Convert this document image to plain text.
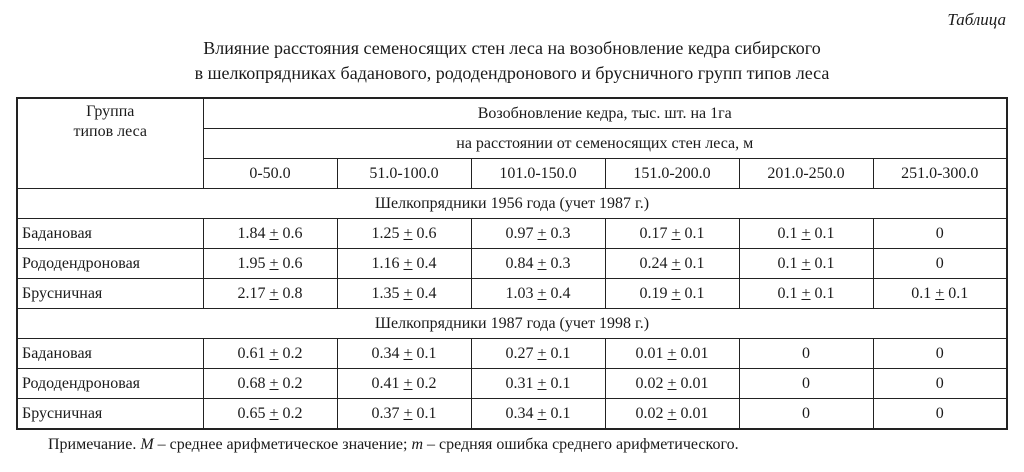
Таблица
Влияние расстояния семеносящих стен леса на возобновление кедра сибирского
в шелкопрядниках баданового, рододендронового и брусничного групп типов леса
Группа
типов леса	Возобновление кедра, тыс. шт. на 1га					
	на расстоянии от семеносящих стен леса, м					
	0-50.0	51.0-100.0	101.0-150.0	151.0-200.0	201.0-250.0	251.0-300.0
Шелкопрядники 1956 года (учет 1987 г.)						
Бадановая	1.84 + 0.6	1.25 + 0.6	0.97 + 0.3	0.17 + 0.1	0.1 + 0.1	0
Рододендроновая	1.95 + 0.6	1.16 + 0.4	0.84 + 0.3	0.24 + 0.1	0.1 + 0.1	0
Брусничная	2.17 + 0.8	1.35 + 0.4	1.03 + 0.4	0.19 + 0.1	0.1 + 0.1	0.1 + 0.1
Шелкопрядники 1987 года (учет 1998 г.)						
Бадановая	0.61 + 0.2	0.34 + 0.1	0.27 + 0.1	0.01 + 0.01	0	0
Рододендроновая	0.68 + 0.2	0.41 + 0.2	0.31 + 0.1	0.02 + 0.01	0	0
Брусничная	0.65 + 0.2	0.37 + 0.1	0.34 + 0.1	0.02 + 0.01	0	0
Примечание. M – среднее арифметическое значение; m – средняя ошибка среднего арифметического.
